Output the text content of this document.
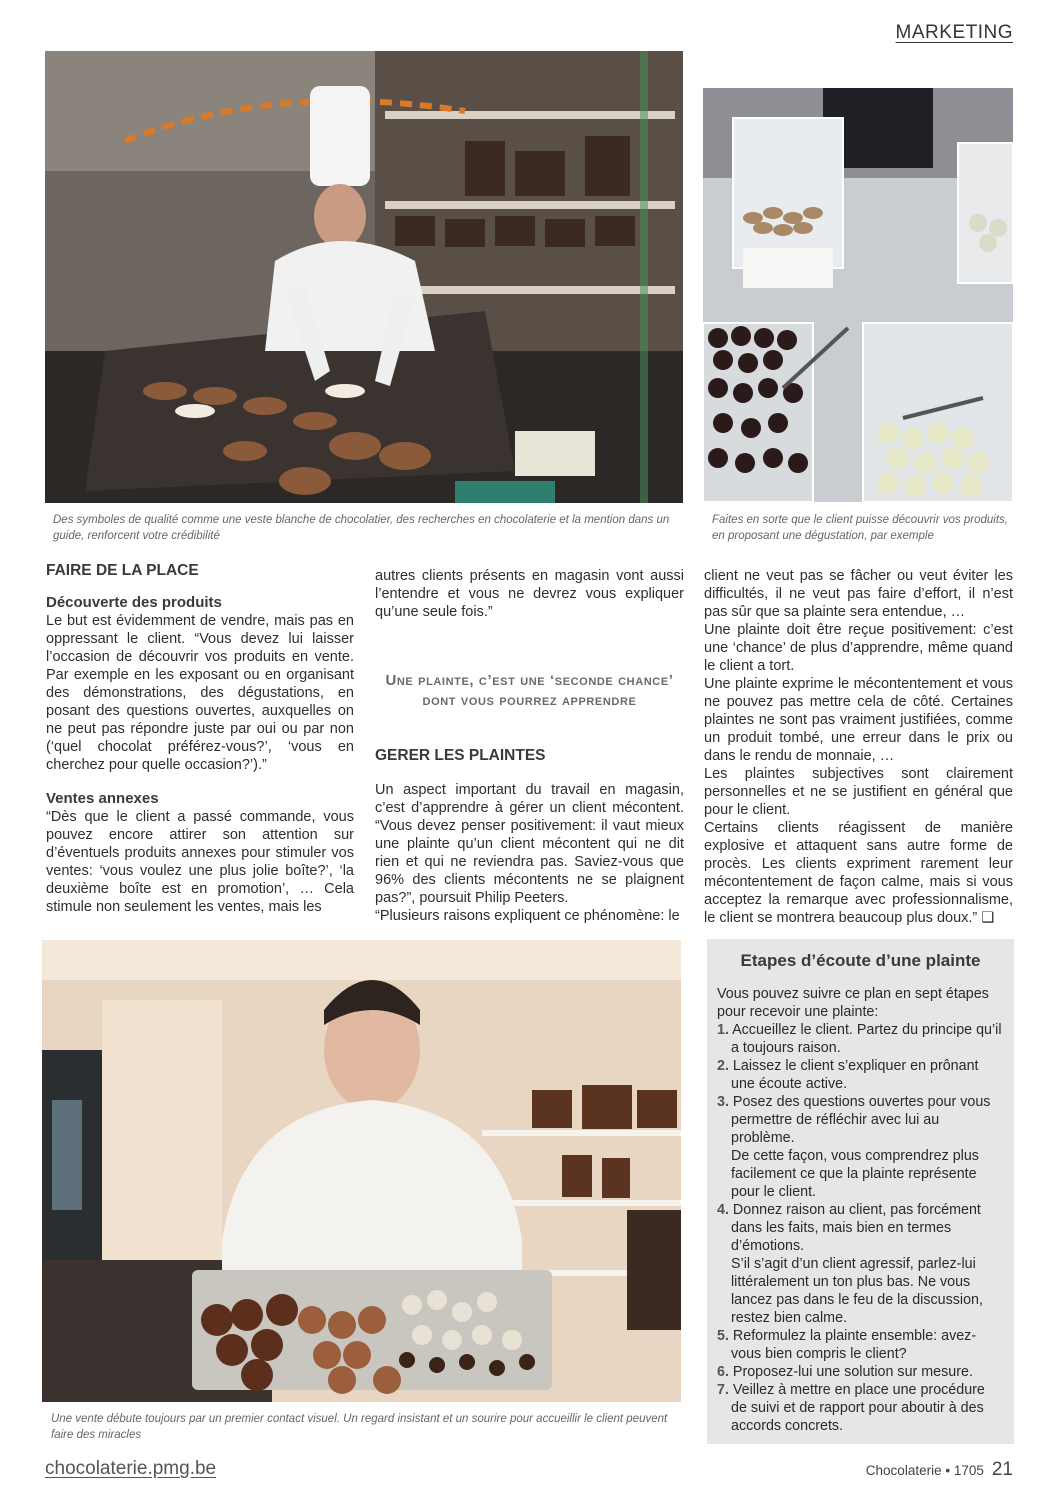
MARKETING
Des symboles de qualité comme une veste blanche de chocolatier, des recherches en chocolaterie et la mention dans un guide, renforcent votre crédibilité
Faites en sorte que le client puisse découvrir vos produits, en proposant une dégustation, par exemple
FAIRE DE LA PLACE
Découverte des produits

Le but est évidemment de vendre, mais pas en oppressant le client. “Vous devez lui laisser l’occasion de découvrir vos produits en vente. Par exemple en les exposant ou en organisant des démonstrations, des dégustations, en posant des questions ouvertes, auxquelles on ne peut pas répondre juste par oui ou par non (‘quel chocolat préférez-vous?’, ‘vous en cherchez pour quelle occasion?’).”

Ventes annexes

“Dès que le client a passé commande, vous pouvez encore attirer son attention sur d’éventuels produits annexes pour stimuler vos ventes: ‘vous voulez une plus jolie boîte?’, ‘la deuxième boîte est en promotion’, … Cela stimule non seulement les ventes, mais les

autres clients présents en magasin vont aussi l’entendre et vous ne devrez vous expliquer qu’une seule fois.”

Une plainte, c’est une ‘seconde chance’ dont vous pourrez apprendre
GERER LES PLAINTES

Un aspect important du travail en magasin, c’est d’apprendre à gérer un client mécontent. “Vous devez penser positivement: il vaut mieux une plainte qu’un client mécontent qui ne dit rien et qui ne reviendra pas. Saviez-vous que 96% des clients mécontents ne se plaignent pas?”, poursuit Philip Peeters.

“Plusieurs raisons expliquent ce phénomène: le

client ne veut pas se fâcher ou veut éviter les difficultés, il ne veut pas faire d’effort, il n’est pas sûr que sa plainte sera entendue, …

Une plainte doit être reçue positivement: c’est une ‘chance’ de plus d’apprendre, même quand le client a tort.

Une plainte exprime le mécontentement et vous ne pouvez pas mettre cela de côté. Certaines plaintes ne sont pas vraiment justifiées, comme un produit tombé, une erreur dans le prix ou dans le rendu de monnaie, …

Les plaintes subjectives sont clairement personnelles et ne se justifient en général que pour le client.

Certains clients réagissent de manière explosive et attaquent sans autre forme de procès. Les clients expriment rarement leur mécontentement de façon calme, mais si vous acceptez la remarque avec professionnalisme, le client se montrera beaucoup plus doux.” ❏

Une vente débute toujours par un premier contact visuel. Un regard insistant et un sourire pour accueillir le client peuvent faire des miracles
Etapes d’écoute d’une plainte

Vous pouvez suivre ce plan en sept étapes pour recevoir une plainte:

1. Accueillez le client. Partez du principe qu’il a toujours raison.
2. Laissez le client s’expliquer en prônant une écoute active.
3. Posez des questions ouvertes pour vous permettre de réfléchir avec lui au problème.
De cette façon, vous comprendrez plus facilement ce que la plainte représente pour le client.
4. Donnez raison au client, pas forcément dans les faits, mais bien en termes d’émotions.
S’il s’agit d’un client agressif, parlez-lui littéralement un ton plus bas. Ne vous lancez pas dans le feu de la discussion, restez bien calme.
5. Reformulez la plainte ensemble: avez-vous bien compris le client?
6. Proposez-lui une solution sur mesure.
7. Veillez à mettre en place une procédure de suivi et de rapport pour aboutir à des accords concrets.
chocolaterie.pmg.be	Chocolaterie • 1705 21
